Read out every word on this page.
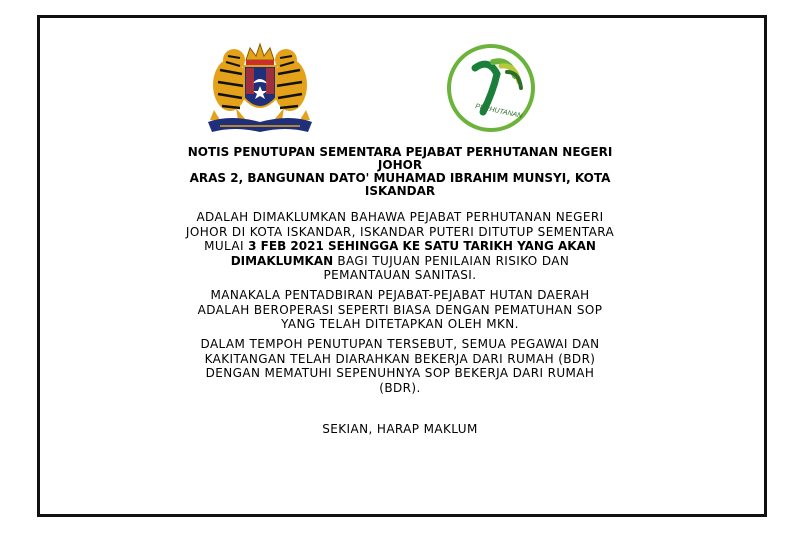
PERHUTANAN
NOTIS PENUTUPAN SEMENTARA PEJABAT PERHUTANAN NEGERI
JOHOR
ARAS 2, BANGUNAN DATO' MUHAMAD IBRAHIM MUNSYI, KOTA
ISKANDAR
ADALAH DIMAKLUMKAN BAHAWA PEJABAT PERHUTANAN NEGERI
JOHOR DI KOTA ISKANDAR, ISKANDAR PUTERI DITUTUP SEMENTARA
MULAI 3 FEB 2021 SEHINGGA KE SATU TARIKH YANG AKAN
DIMAKLUMKAN BAGI TUJUAN PENILAIAN RISIKO DAN
PEMANTAUAN SANITASI.
MANAKALA PENTADBIRAN PEJABAT-PEJABAT HUTAN DAERAH
ADALAH BEROPERASI SEPERTI BIASA DENGAN PEMATUHAN SOP
YANG TELAH DITETAPKAN OLEH MKN.
DALAM TEMPOH PENUTUPAN TERSEBUT, SEMUA PEGAWAI DAN
KAKITANGAN TELAH DIARAHKAN BEKERJA DARI RUMAH (BDR)
DENGAN MEMATUHI SEPENUHNYA SOP BEKERJA DARI RUMAH
(BDR).
SEKIAN, HARAP MAKLUM
